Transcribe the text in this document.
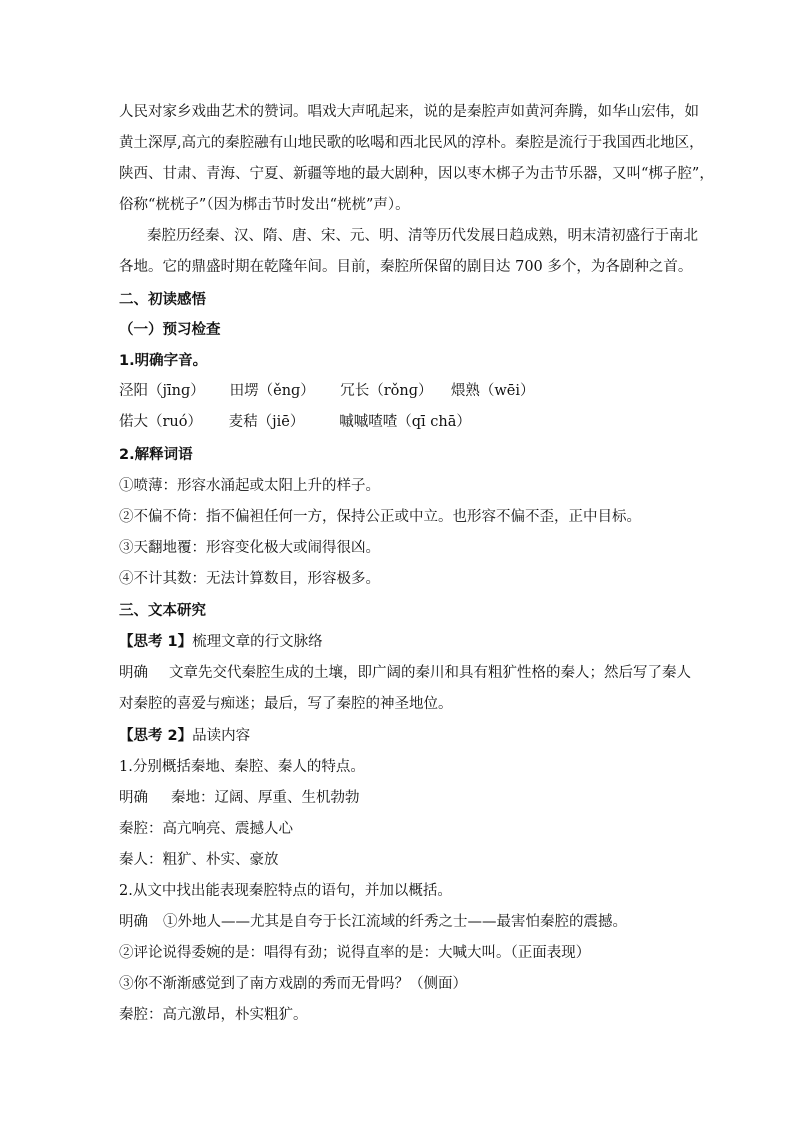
人民对家乡戏曲艺术的赞词。唱戏大声吼起来，说的是秦腔声如黄河奔腾，如华山宏伟，如
黄土深厚,高亢的秦腔融有山地民歌的吆喝和西北民风的淳朴。秦腔是流行于我国西北地区，
陕西、甘肃、青海、宁夏、新疆等地的最大剧种，因以枣木梆子为击节乐器，又叫“梆子腔”，
俗称“桄桄子”（因为梆击节时发出“桄桄”声）。
秦腔历经秦、汉、隋、唐、宋、元、明、清等历代发展日趋成熟，明末清初盛行于南北
各地。它的鼎盛时期在乾隆年间。目前，秦腔所保留的剧目达 700 多个，为各剧种之首。
二、初读感悟
（一）预习检查
1.明确字音。
泾阳（jīnɡ） 田塄（ěnɡ） 冗长（rǒnɡ） 煨熟（wēi）
偌大（ruó） 麦秸（jiē） 嘁嘁喳喳（qī chā）
2.解释词语
①喷薄：形容水涌起或太阳上升的样子。
②不偏不倚：指不偏袒任何一方，保持公正或中立。也形容不偏不歪，正中目标。
③天翻地覆：形容变化极大或闹得很凶。
④不计其数：无法计算数目，形容极多。
三、文本研究
【思考 1】梳理文章的行文脉络
明确 文章先交代秦腔生成的土壤，即广阔的秦川和具有粗犷性格的秦人；然后写了秦人
对秦腔的喜爱与痴迷；最后，写了秦腔的神圣地位。
【思考 2】品读内容
1.分别概括秦地、秦腔、秦人的特点。
明确 秦地：辽阔、厚重、生机勃勃
秦腔：高亢响亮、震撼人心
秦人：粗犷、朴实、豪放
2.从文中找出能表现秦腔特点的语句，并加以概括。
明确 ①外地人——尤其是自夸于长江流域的纤秀之士——最害怕秦腔的震撼。
②评论说得委婉的是：唱得有劲；说得直率的是：大喊大叫。（正面表现）
③你不渐渐感觉到了南方戏剧的秀而无骨吗？（侧面）
秦腔：高亢激昂，朴实粗犷。
